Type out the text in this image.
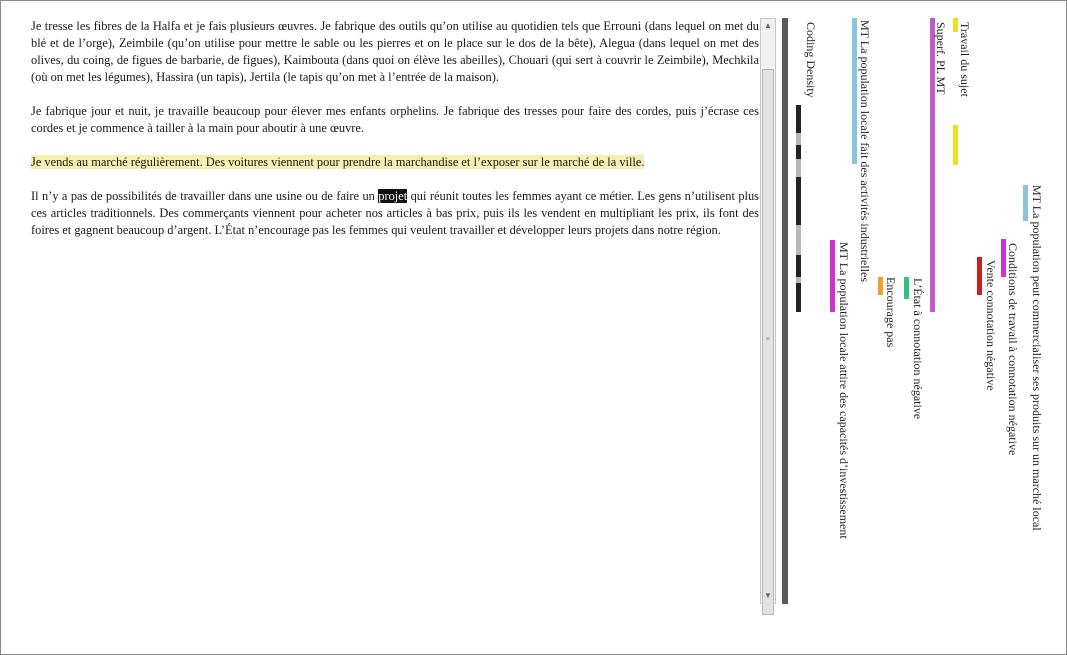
Je tresse les fibres de la Halfa et je fais plusieurs œuvres. Je fabrique des outils qu’on utilise au quotidien tels que Errouni (dans lequel on met du blé et de l’orge), Zeimbile (qu’on utilise pour mettre le sable ou les pierres et on le place sur le dos de la bête), Alegua (dans lequel on met des olives, du coing, de figues de barbarie, de figues), Kaimbouta (dans quoi on élève les abeilles), Chouari (qui sert à couvrir le Zeimbile), Mechkila (où on met les légumes), Hassira (un tapis), Jertila (le tapis qu’on met à l’entrée de la maison).

Je fabrique jour et nuit, je travaille beaucoup pour élever mes enfants orphelins. Je fabrique des tresses pour faire des cordes, puis j’écrase ces cordes et je commence à tailler à la main pour aboutir à une œuvre.

Je vends au marché régulièrement. Des voitures viennent pour prendre la marchandise et l’exposer sur le marché de la ville.

Il n’y a pas de possibilités de travailler dans une usine ou de faire un projet qui réunit toutes les femmes ayant ce métier. Les gens n’utilisent plus ces articles traditionnels. Des commerçants viennent pour acheter nos articles à bas prix, puis ils les vendent en multipliant les prix, ils font des foires et gagnent beaucoup d’argent. L’État n’encourage pas les femmes qui veulent travailler et développer leurs projets dans notre région.

▲
≡
▼
Coding Density	Travail du sujet
Superf. PL MT
MT La population locale fait des activités industrielles
MT La population peut commercialiser ses produits sur un marché local
Conditions de travail à connotation négative
Vente connotation négative
L’État à connotation négative
Encourage pas
MT La population locale attire des capacités d’investissement
